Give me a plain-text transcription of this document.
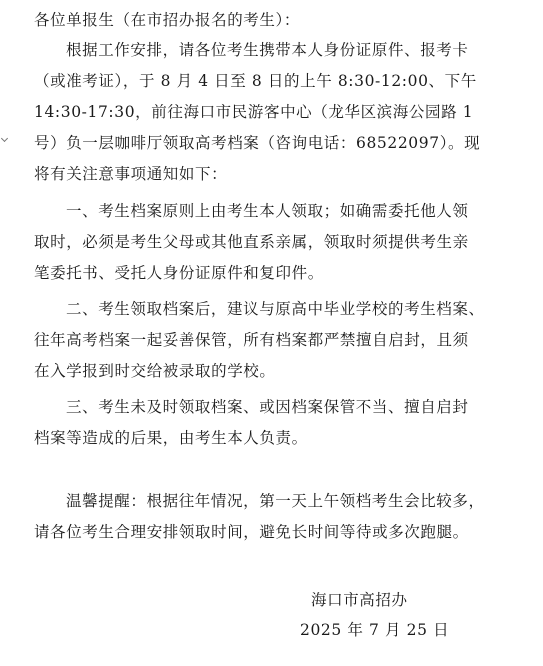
各位单报生（在市招办报名的考生）：
根据工作安排，请各位考生携带本人身份证原件、报考卡
（或准考证），于 8 月 4 日至 8 日的上午 8:30-12:00、下午
14:30-17:30，前往海口市民游客中心（龙华区滨海公园路 1
号）负一层咖啡厅领取高考档案（咨询电话：68522097）。现
将有关注意事项通知如下：
一、考生档案原则上由考生本人领取；如确需委托他人领
取时，必须是考生父母或其他直系亲属，领取时须提供考生亲
笔委托书、受托人身份证原件和复印件。
二、考生领取档案后，建议与原高中毕业学校的考生档案、
往年高考档案一起妥善保管，所有档案都严禁擅自启封，且须
在入学报到时交给被录取的学校。
三、考生未及时领取档案、或因档案保管不当、擅自启封
档案等造成的后果，由考生本人负责。
温馨提醒：根据往年情况，第一天上午领档考生会比较多，
请各位考生合理安排领取时间，避免长时间等待或多次跑腿。
海口市高招办
2025 年 7 月 25 日
